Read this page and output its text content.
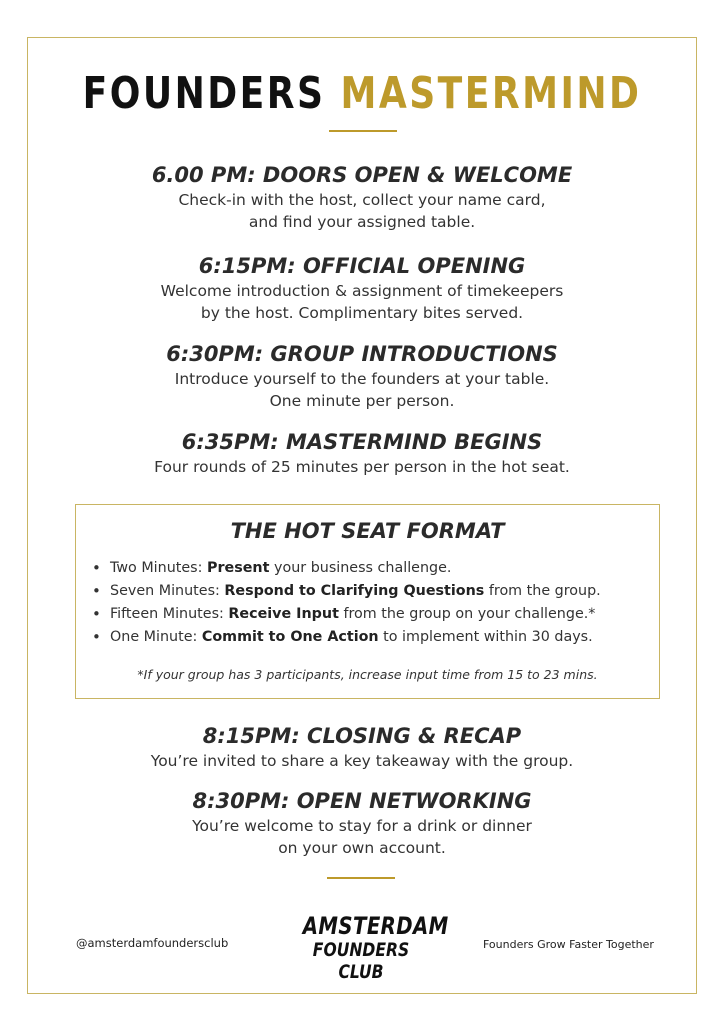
FOUNDERS MASTERMIND
6.00 PM: DOORS OPEN & WELCOME
Check-in with the host, collect your name card,
and find your assigned table.
6:15PM: OFFICIAL OPENING
Welcome introduction & assignment of timekeepers
by the host. Complimentary bites served.
6:30PM: GROUP INTRODUCTIONS
Introduce yourself to the founders at your table.
One minute per person.
6:35PM: MASTERMIND BEGINS
Four rounds of 25 minutes per person in the hot seat.
THE HOT SEAT FORMAT
• Two Minutes: Present your business challenge.
• Seven Minutes: Respond to Clarifying Questions from the group.
• Fifteen Minutes: Receive Input from the group on your challenge.*
• One Minute: Commit to One Action to implement within 30 days.
*If your group has 3 participants, increase input time from 15 to 23 mins.
8:15PM: CLOSING & RECAP
You’re invited to share a key takeaway with the group.
8:30PM: OPEN NETWORKING
You’re welcome to stay for a drink or dinner
on your own account.
@amsterdamfoundersclub
AMSTERDAM
FOUNDERS CLUB
Founders Grow Faster Together
